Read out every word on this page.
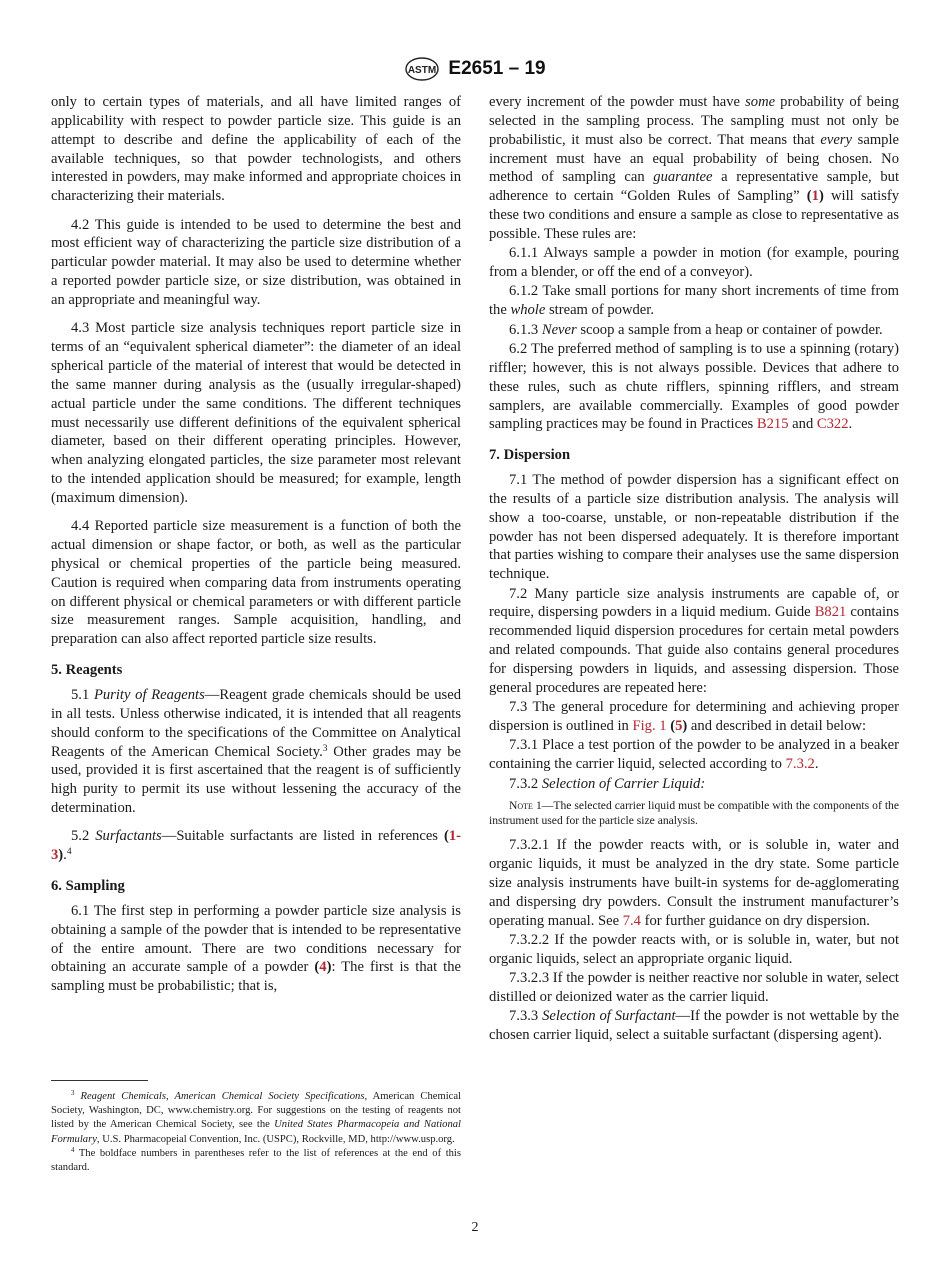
ASTM E2651 – 19

only to certain types of materials, and all have limited ranges of applicability with respect to powder particle size. This guide is an attempt to describe and define the applicability of each of the available techniques, so that powder technologists, and others interested in powders, may make informed and appropriate choices in characterizing their materials.

4.2 This guide is intended to be used to determine the best and most efficient way of characterizing the particle size distribution of a particular powder material. It may also be used to determine whether a reported powder particle size, or size distribution, was obtained in an appropriate and meaningful way.

4.3 Most particle size analysis techniques report particle size in terms of an “equivalent spherical diameter”: the diameter of an ideal spherical particle of the material of interest that would be detected in the same manner during analysis as the (usually irregular-shaped) actual particle under the same conditions. The different techniques must necessarily use different definitions of the equivalent spherical diameter, based on their different operating principles. However, when analyzing elongated particles, the size parameter most relevant to the intended application should be measured; for example, length (maximum dimension).

4.4 Reported particle size measurement is a function of both the actual dimension or shape factor, or both, as well as the particular physical or chemical properties of the particle being measured. Caution is required when comparing data from instruments operating on different physical or chemical parameters or with different particle size measurement ranges. Sample acquisition, handling, and preparation can also affect reported particle size results.

5. Reagents

5.1 Purity of Reagents—Reagent grade chemicals should be used in all tests. Unless otherwise indicated, it is intended that all reagents should conform to the specifications of the Committee on Analytical Reagents of the American Chemical Society.$^3$ Other grades may be used, provided it is first ascertained that the reagent is of sufficiently high purity to permit its use without lessening the accuracy of the determination.

5.2 Surfactants—Suitable surfactants are listed in references (1-3).$^4$

6. Sampling

6.1 The first step in performing a powder particle size analysis is obtaining a sample of the powder that is intended to be representative of the entire amount. There are two conditions necessary for obtaining an accurate sample of a powder (4): The first is that the sampling must be probabilistic; that is,

every increment of the powder must have some probability of being selected in the sampling process. The sampling must not only be probabilistic, it must also be correct. That means that every sample increment must have an equal probability of being chosen. No method of sampling can guarantee a representative sample, but adherence to certain “Golden Rules of Sampling” (1) will satisfy these two conditions and ensure a sample as close to representative as possible. These rules are:

6.1.1 Always sample a powder in motion (for example, pouring from a blender, or off the end of a conveyor).

6.1.2 Take small portions for many short increments of time from the whole stream of powder.

6.1.3 Never scoop a sample from a heap or container of powder.

6.2 The preferred method of sampling is to use a spinning (rotary) riffler; however, this is not always possible. Devices that adhere to these rules, such as chute rifflers, spinning rifflers, and stream samplers, are available commercially. Examples of good powder sampling practices may be found in Practices B215 and C322.

7. Dispersion

7.1 The method of powder dispersion has a significant effect on the results of a particle size distribution analysis. The analysis will show a too-coarse, unstable, or non-repeatable distribution if the powder has not been dispersed adequately. It is therefore important that parties wishing to compare their analyses use the same dispersion technique.

7.2 Many particle size analysis instruments are capable of, or require, dispersing powders in a liquid medium. Guide B821 contains recommended liquid dispersion procedures for certain metal powders and related compounds. That guide also contains general procedures for dispersing powders in liquids, and assessing dispersion. Those general procedures are repeated here:

7.3 The general procedure for determining and achieving proper dispersion is outlined in Fig. 1 (5) and described in detail below:

7.3.1 Place a test portion of the powder to be analyzed in a beaker containing the carrier liquid, selected according to 7.3.2.

7.3.2 Selection of Carrier Liquid:

Note 1—The selected carrier liquid must be compatible with the components of the instrument used for the particle size analysis.

7.3.2.1 If the powder reacts with, or is soluble in, water and organic liquids, it must be analyzed in the dry state. Some particle size analysis instruments have built-in systems for de-agglomerating and dispersing dry powders. Consult the instrument manufacturer’s operating manual. See 7.4 for further guidance on dry dispersion.

7.3.2.2 If the powder reacts with, or is soluble in, water, but not organic liquids, select an appropriate organic liquid.

7.3.2.3 If the powder is neither reactive nor soluble in water, select distilled or deionized water as the carrier liquid.

7.3.3 Selection of Surfactant—If the powder is not wettable by the chosen carrier liquid, select a suitable surfactant (dispersing agent).

$^3$ Reagent Chemicals, American Chemical Society Specifications, American Chemical Society, Washington, DC, www.chemistry.org. For suggestions on the testing of reagents not listed by the American Chemical Society, see the United States Pharmacopeia and National Formulary, U.S. Pharmacopeial Convention, Inc. (USPC), Rockville, MD, http://www.usp.org.

$^4$ The boldface numbers in parentheses refer to the list of references at the end of this standard.

2
